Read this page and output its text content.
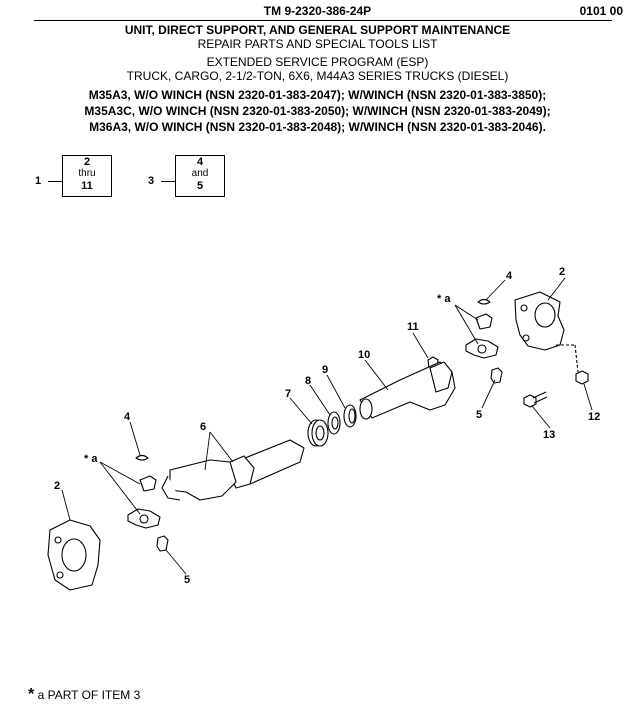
TM 9-2320-386-24P	0101 00
UNIT, DIRECT SUPPORT, AND GENERAL SUPPORT MAINTENANCE
REPAIR PARTS AND SPECIAL TOOLS LIST
EXTENDED SERVICE PROGRAM (ESP)
TRUCK, CARGO, 2-1/2-TON, 6X6, M44A3 SERIES TRUCKS (DIESEL)
M35A3, W/O WINCH (NSN 2320-01-383-2047); W/WINCH (NSN 2320-01-383-3850);
M35A3C, W/O WINCH (NSN 2320-01-383-2050); W/WINCH (NSN 2320-01-383-2049);
M36A3, W/O WINCH (NSN 2320-01-383-2048); W/WINCH (NSN 2320-01-383-2046).
1
2
thru
11	3
4
and
5
2
4
* a
5
11
10
9
8
7
6
4
* a
2
5
12
13
* a PART OF ITEM 3
